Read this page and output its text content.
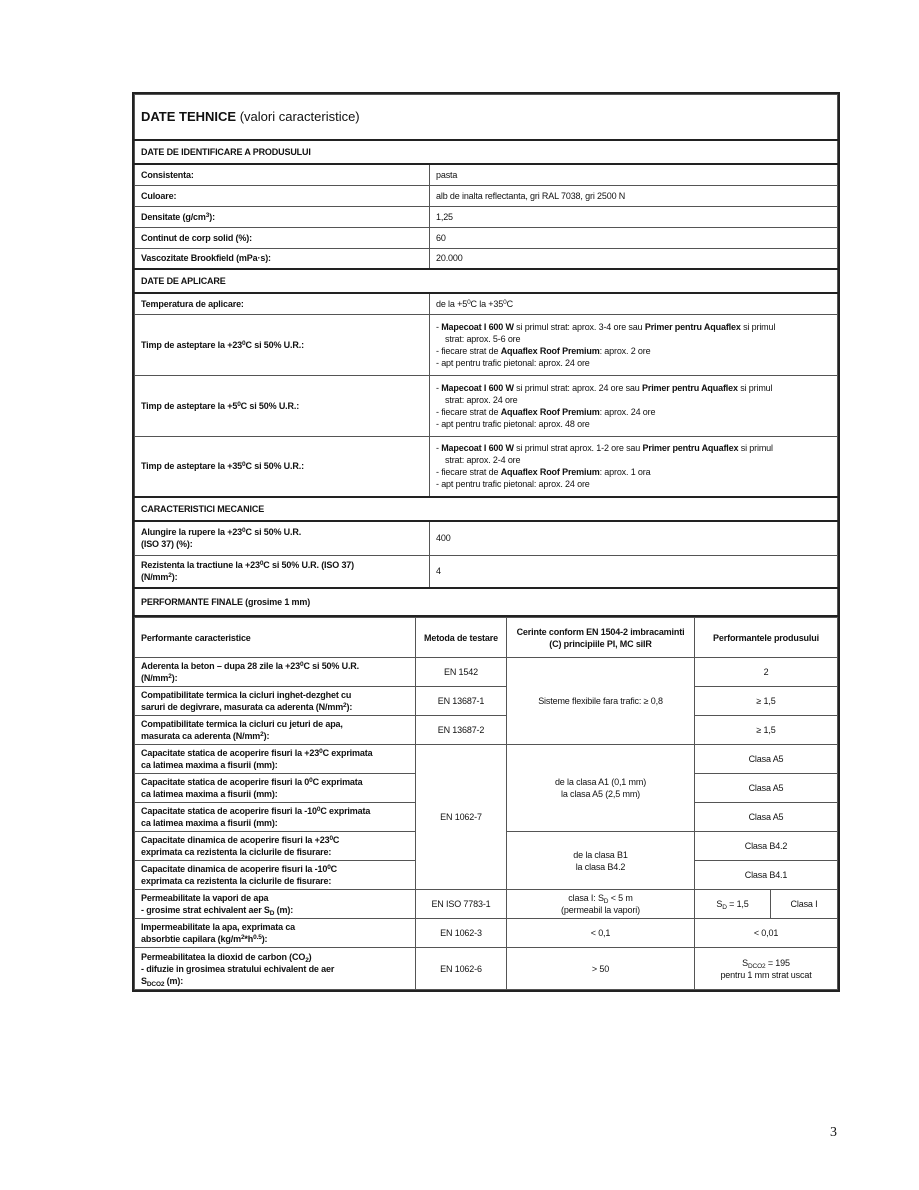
DATE TEHNICE (valori caracteristice)	
DATE DE IDENTIFICARE A PRODUSULUI	
Consistenta:	pasta
Culoare:	alb de inalta reflectanta, gri RAL 7038, gri 2500 N
Densitate $(g/cm^3)$:	1,25
Continut de corp solid (%):	60
Vascozitate Brookfield (mPa·s):	20.000
DATE DE APLICARE	
Temperatura de aplicare:	de la $+5^0C$ la $+35^0C$
Timp de asteptare la $+23^0C$ si 50% U.R.:	- Mapecoat I 600 W si primul strat: aprox. 3-4 ore sau Primer pentru Aquaflex si primul
strat: aprox. 5-6 ore
- fiecare strat de Aquaflex Roof Premium: aprox. 2 ore
- apt pentru trafic pietonal: aprox. 24 ore

Timp de asteptare la $+5^0C$ si 50% U.R.:	- Mapecoat I 600 W si primul strat: aprox. 24 ore sau Primer pentru Aquaflex si primul
strat: aprox. 24 ore
- fiecare strat de Aquaflex Roof Premium: aprox. 24 ore
- apt pentru trafic pietonal: aprox. 48 ore

Timp de asteptare la $+35^0C$ si 50% U.R.:	- Mapecoat I 600 W si primul strat aprox. 1-2 ore sau Primer pentru Aquaflex si primul
strat: aprox. 2-4 ore
- fiecare strat de Aquaflex Roof Premium: aprox. 1 ora
- apt pentru trafic pietonal: aprox. 24 ore

CARACTERISTICI MECANICE	
Alungire la rupere la $+23^0C$ si 50% U.R.
(ISO 37) (%):	400
Rezistenta la tractiune la $+23^0C$ si 50% U.R. (ISO 37)
$(N/mm^2)$:	4
PERFORMANTE FINALE (grosime 1 mm)	
Performante caracteristice	Metoda de testare	Cerinte conform EN 1504-2 imbracaminti (C) principiile PI, MC siIR	Performantele produsului	
Aderenta la beton – dupa 28 zile la $+23^0C$ si 50% U.R.
$(N/mm^2)$:	EN 1542	Sisteme flexibile fara trafic: ≥ 0,8	2	
Compatibilitate termica la cicluri inghet-dezghet cu
saruri de degivrare, masurata ca aderenta $(N/mm^2)$:	EN 13687-1		≥ 1,5	
Compatibilitate termica la cicluri cu jeturi de apa,
masurata ca aderenta $(N/mm^2)$:	EN 13687-2		≥ 1,5	
Capacitate statica de acoperire fisuri la $+23^0C$ exprimata
ca latimea maxima a fisurii (mm):	EN 1062-7	de la clasa A1 (0,1 mm)
la clasa A5 (2,5 mm)	Clasa A5	
Capacitate statica de acoperire fisuri la $0^0C$ exprimata
ca latimea maxima a fisurii (mm):			Clasa A5	
Capacitate statica de acoperire fisuri la $-10^0C$ exprimata
ca latimea maxima a fisurii (mm):			Clasa A5	
Capacitate dinamica de acoperire fisuri la $+23^0C$
exprimata ca rezistenta la ciclurile de fisurare:		de la clasa B1
la clasa B4.2	Clasa B4.2	
Capacitate dinamica de acoperire fisuri la $-10^0C$
exprimata ca rezistenta la ciclurile de fisurare:			Clasa B4.1	
Permeabilitate la vapori de apa
- grosime strat echivalent aer $S_D$ (m):	EN ISO 7783-1	clasa I: $S_D < 5$ m
(permeabil la vapori)	$S_D = 1,5$	Clasa I
Impermeabilitate la apa, exprimata ca
absorbtie capilara $(kg/m^2*h^{0.5})$:	EN 1062-3	< 0,1	< 0,01	
Permeabilitatea la dioxid de carbon $(CO_2)$
- difuzie in grosimea stratului echivalent de aer
$S_{DCO2}$ (m):	EN 1062-6	> 50	$S_{DCO2} = 195$
pentru 1 mm strat uscat	
3
